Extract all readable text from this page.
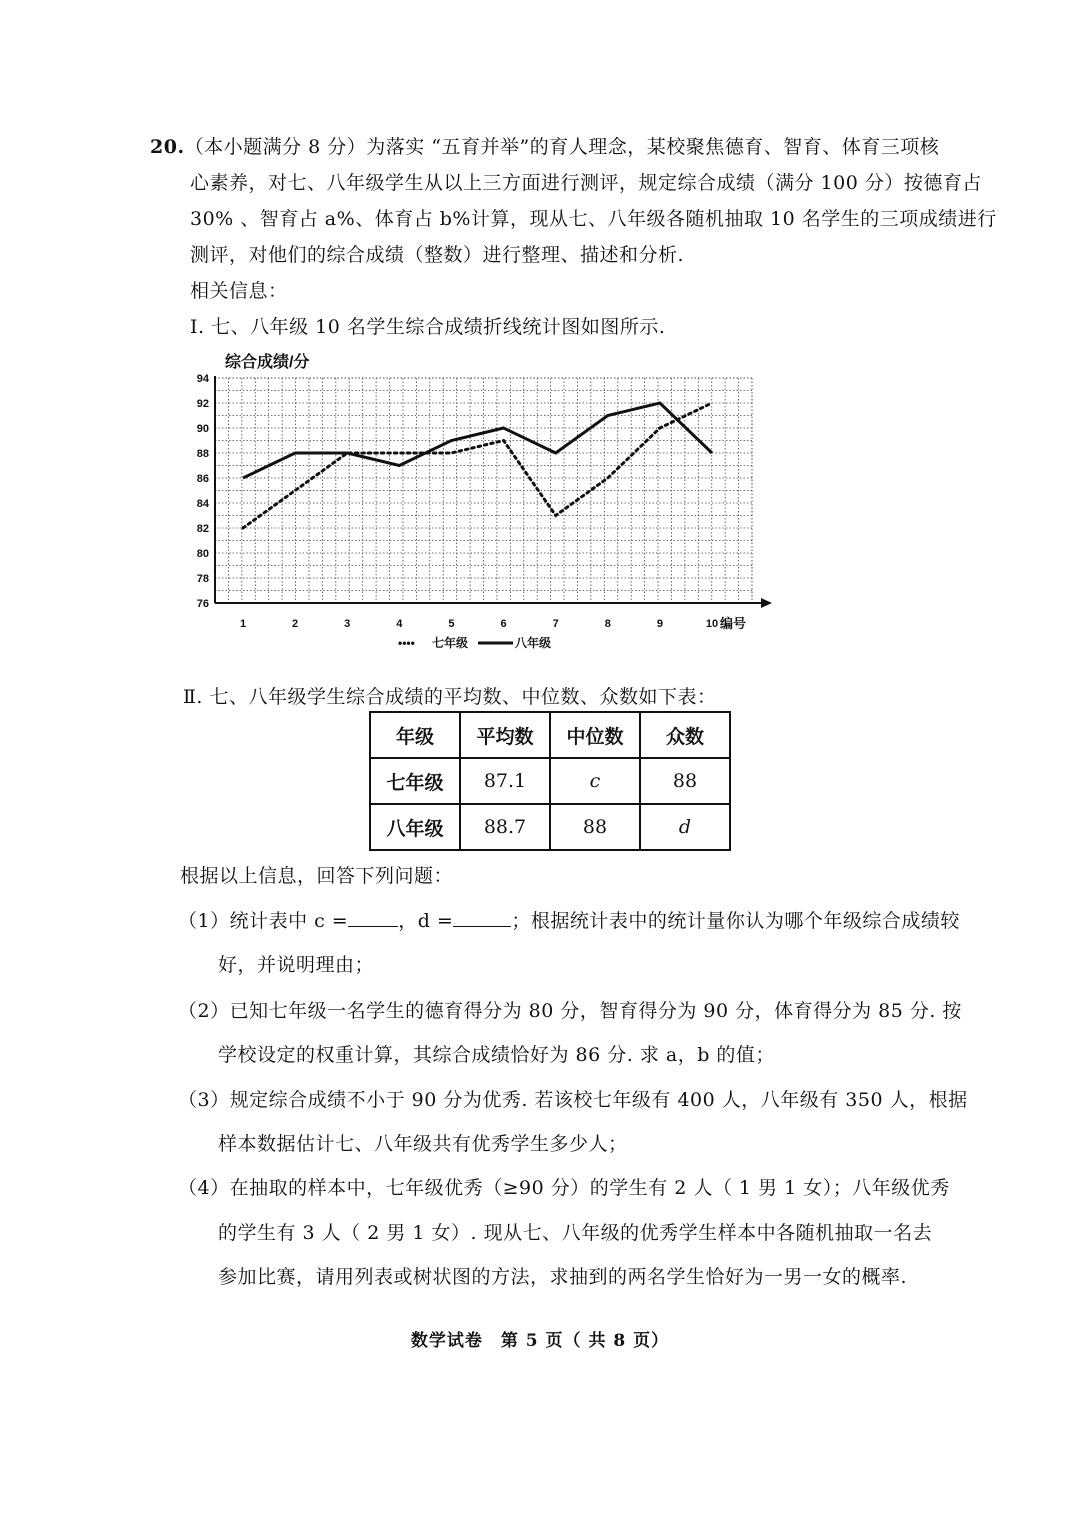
20.（本小题满分 8 分）为落实 “五育并举”的育人理念，某校聚焦德育、智育、体育三项核
心素养，对七、八年级学生从以上三方面进行测评，规定综合成绩（满分 100 分）按德育占
30% 、智育占 a%、体育占 b%计算，现从七、八年级各随机抽取 10 名学生的三项成绩进行
测评，对他们的综合成绩（整数）进行整理、描述和分析.
相关信息：
Ⅰ. 七、八年级 10 名学生综合成绩折线统计图如图所示.
综合成绩/分
76
78
80
82
84
86
88
90
92
94
1	2	3	4	5	6	7	8	9	10 编号
•••• 七年级	八年级
Ⅱ. 七、八年级学生综合成绩的平均数、中位数、众数如下表：
年级	平均数	中位数	众数
七年级	87.1	c	88
八年级	88.7	88	d
根据以上信息，回答下列问题：
（1）统计表中 c =	，d =	；根据统计表中的统计量你认为哪个年级综合成绩较
好，并说明理由；
（2）已知七年级一名学生的德育得分为 80 分，智育得分为 90 分，体育得分为 85 分. 按
学校设定的权重计算，其综合成绩恰好为 86 分. 求 a，b 的值；
（3）规定综合成绩不小于 90 分为优秀. 若该校七年级有 400 人，八年级有 350 人，根据
样本数据估计七、八年级共有优秀学生多少人；
（4）在抽取的样本中，七年级优秀（≥90 分）的学生有 2 人（ 1 男 1 女）；八年级优秀
的学生有 3 人（ 2 男 1 女）. 现从七、八年级的优秀学生样本中各随机抽取一名去
参加比赛，请用列表或树状图的方法，求抽到的两名学生恰好为一男一女的概率.
数学试卷　第 5 页（ 共 8 页）
